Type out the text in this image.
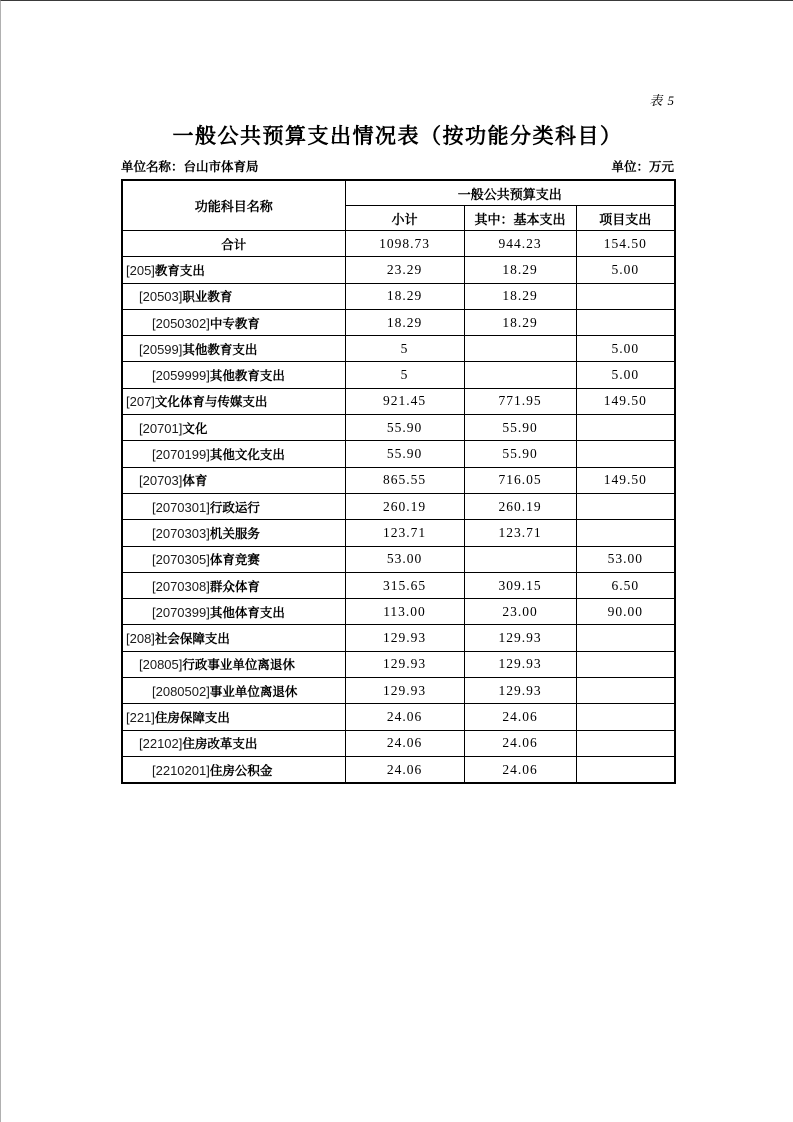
表 5
一般公共预算支出情况表（按功能分类科目）
单位名称：台山市体育局	单位：万元
功能科目名称	一般公共预算支出		
	小计	其中：基本支出	项目支出
合计	1098.73	944.23	154.50
[205]教育支出	23.29	18.29	5.00
[20503]职业教育	18.29	18.29	
[2050302]中专教育	18.29	18.29	
[20599]其他教育支出	5		5.00
[2059999]其他教育支出	5		5.00
[207]文化体育与传媒支出	921.45	771.95	149.50
[20701]文化	55.90	55.90	
[2070199]其他文化支出	55.90	55.90	
[20703]体育	865.55	716.05	149.50
[2070301]行政运行	260.19	260.19	
[2070303]机关服务	123.71	123.71	
[2070305]体育竞赛	53.00		53.00
[2070308]群众体育	315.65	309.15	6.50
[2070399]其他体育支出	113.00	23.00	90.00
[208]社会保障支出	129.93	129.93	
[20805]行政事业单位离退休	129.93	129.93	
[2080502]事业单位离退休	129.93	129.93	
[221]住房保障支出	24.06	24.06	
[22102]住房改革支出	24.06	24.06	
[2210201]住房公积金	24.06	24.06	
